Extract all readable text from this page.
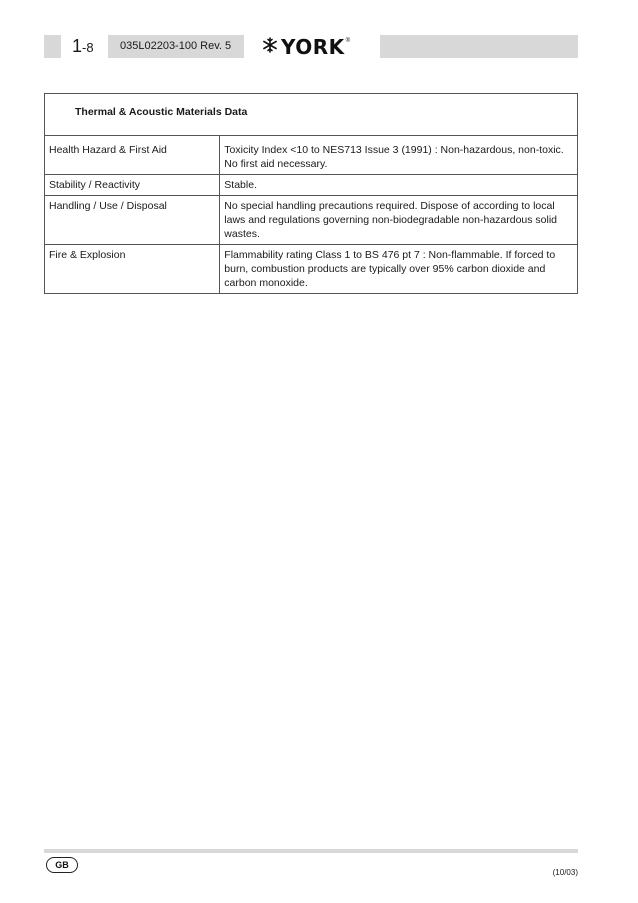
1-8 035L02203-100 Rev. 5 YORK ®
Thermal & Acoustic Materials Data	
Health Hazard & First Aid	Toxicity Index <10 to NES713 Issue 3 (1991) : Non-hazardous, non-toxic. No first aid necessary.
Stability / Reactivity	Stable.
Handling / Use / Disposal	No special handling precautions required. Dispose of according to local laws and regulations governing non-biodegradable non-hazardous solid wastes.
Fire & Explosion	Flammability rating Class 1 to BS 476 pt 7 : Non-flammable. If forced to burn, combustion products are typically over 95% carbon dioxide and carbon monoxide.
GB
(10/03)
